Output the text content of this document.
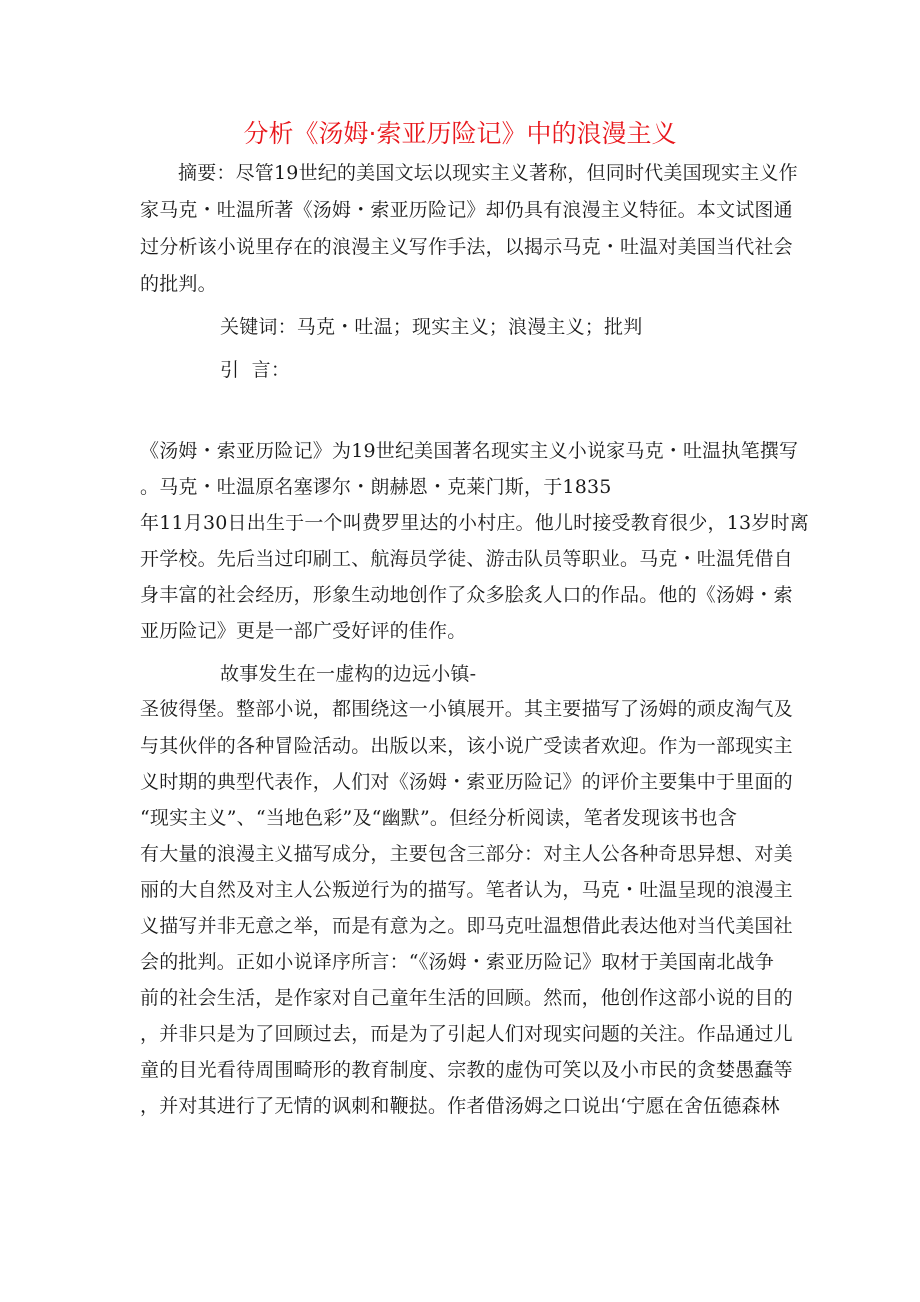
分析《汤姆·索亚历险记》中的浪漫主义
摘要：尽管19世纪的美国文坛以现实主义著称，但同时代美国现实主义作
家马克・吐温所著《汤姆・索亚历险记》却仍具有浪漫主义特征。本文试图通
过分析该小说里存在的浪漫主义写作手法，以揭示马克・吐温对美国当代社会
的批判。
关键词：马克・吐温；现实主义；浪漫主义；批判
引  言：
《汤姆・索亚历险记》为19世纪美国著名现实主义小说家马克・吐温执笔撰写
。马克・吐温原名塞谬尔・朗赫恩・克莱门斯，于1835
年11月30日出生于一个叫费罗里达的小村庄。他儿时接受教育很少，13岁时离
开学校。先后当过印刷工、航海员学徒、游击队员等职业。马克・吐温凭借自
身丰富的社会经历，形象生动地创作了众多脍炙人口的作品。他的《汤姆・索
亚历险记》更是一部广受好评的佳作。
故事发生在一虚构的边远小镇-
圣彼得堡。整部小说，都围绕这一小镇展开。其主要描写了汤姆的顽皮淘气及
与其伙伴的各种冒险活动。出版以来，该小说广受读者欢迎。作为一部现实主
义时期的典型代表作，人们对《汤姆・索亚历险记》的评价主要集中于里面的
“现实主义”、“当地色彩”及“幽默”。但经分析阅读，笔者发现该书也含
有大量的浪漫主义描写成分，主要包含三部分：对主人公各种奇思异想、对美
丽的大自然及对主人公叛逆行为的描写。笔者认为，马克・吐温呈现的浪漫主
义描写并非无意之举，而是有意为之。即马克吐温想借此表达他对当代美国社
会的批判。正如小说译序所言：“《汤姆・索亚历险记》取材于美国南北战争
前的社会生活，是作家对自己童年生活的回顾。然而，他创作这部小说的目的
，并非只是为了回顾过去，而是为了引起人们对现实问题的关注。作品通过儿
童的目光看待周围畸形的教育制度、宗教的虚伪可笑以及小市民的贪婪愚蠢等
，并对其进行了无情的讽刺和鞭挞。作者借汤姆之口说出‘宁愿在舍伍德森林
